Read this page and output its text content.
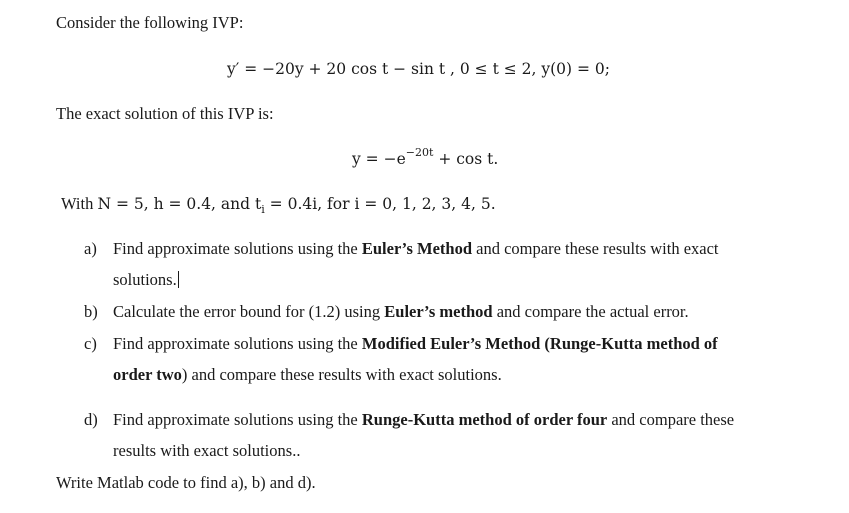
Consider the following IVP:
y′ = −20y + 20 cos t − sin t , 0 ≤ t ≤ 2, y(0) = 0;
The exact solution of this IVP is:
$y = -e^{-20t} + \cos t$.
With N = 5, h = 0.4, and $t_i = 0.4i$, for i = 0, 1, 2, 3, 4, 5.
a) Find approximate solutions using the Euler’s Method and compare these results with exact
solutions.
b) Calculate the error bound for (1.2) using Euler’s method and compare the actual error.
c) Find approximate solutions using the Modified Euler’s Method (Runge-Kutta method of
order two) and compare these results with exact solutions.
d) Find approximate solutions using the Runge-Kutta method of order four and compare these
results with exact solutions..
Write Matlab code to find a), b) and d).
